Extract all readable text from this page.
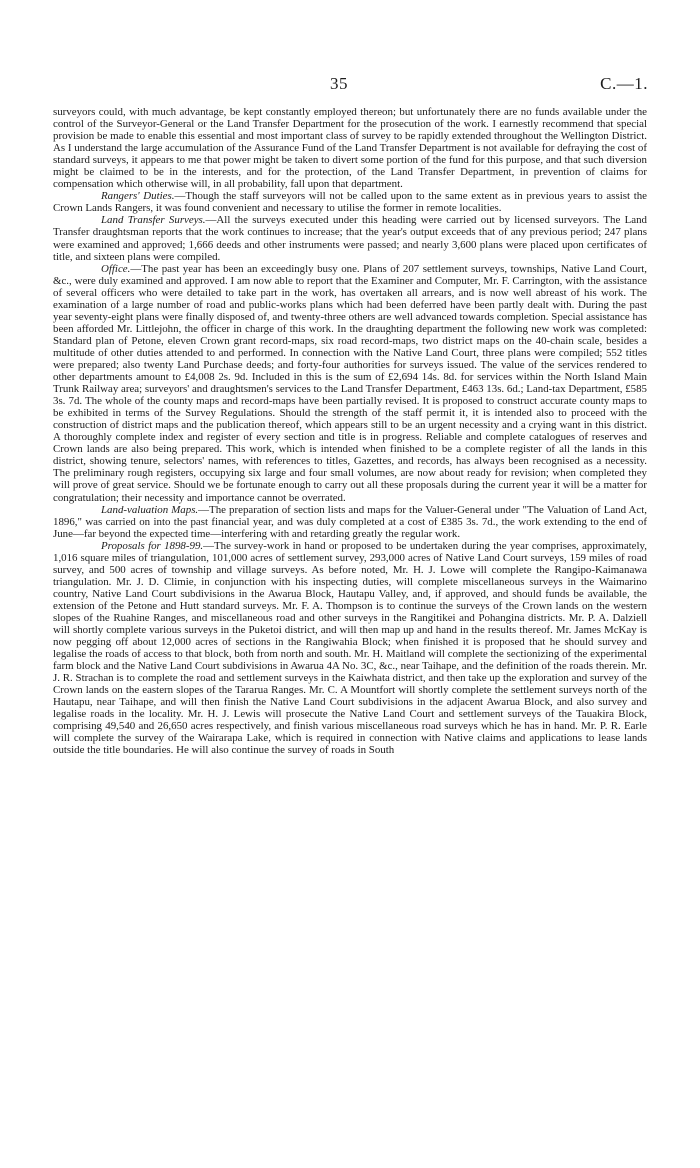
35	C.—1.

surveyors could, with much advantage, be kept constantly employed thereon; but unfortunately there are no funds available under the control of the Surveyor-General or the Land Transfer Department for the prosecution of the work. I earnestly recommend that special provision be made to enable this essential and most important class of survey to be rapidly extended throughout the Wellington District. As I understand the large accumulation of the Assurance Fund of the Land Transfer Department is not available for defraying the cost of standard surveys, it appears to me that power might be taken to divert some portion of the fund for this purpose, and that such diversion might be claimed to be in the interests, and for the protection, of the Land Transfer Department, in prevention of claims for compensation which otherwise will, in all probability, fall upon that department.

Rangers' Duties.—Though the staff surveyors will not be called upon to the same extent as in previous years to assist the Crown Lands Rangers, it was found convenient and necessary to utilise the former in remote localities.

Land Transfer Surveys.—All the surveys executed under this heading were carried out by licensed surveyors. The Land Transfer draughtsman reports that the work continues to increase; that the year's output exceeds that of any previous period; 247 plans were examined and approved; 1,666 deeds and other instruments were passed; and nearly 3,600 plans were placed upon certificates of title, and sixteen plans were compiled.

Office.—The past year has been an exceedingly busy one. Plans of 207 settlement surveys, townships, Native Land Court, &c., were duly examined and approved. I am now able to report that the Examiner and Computer, Mr. F. Carrington, with the assistance of several officers who were detailed to take part in the work, has overtaken all arrears, and is now well abreast of his work. The examination of a large number of road and public-works plans which had been deferred have been partly dealt with. During the past year seventy-eight plans were finally disposed of, and twenty-three others are well advanced towards completion. Special assistance has been afforded Mr. Littlejohn, the officer in charge of this work. In the draughting department the following new work was completed: Standard plan of Petone, eleven Crown grant record-maps, six road record-maps, two district maps on the 40-chain scale, besides a multitude of other duties attended to and performed. In connection with the Native Land Court, three plans were compiled; 552 titles were prepared; also twenty Land Purchase deeds; and forty-four authorities for surveys issued. The value of the services rendered to other departments amount to £4,008 2s. 9d. Included in this is the sum of £2,694 14s. 8d. for services within the North Island Main Trunk Railway area; surveyors' and draughtsmen's services to the Land Transfer Department, £463 13s. 6d.; Land-tax Department, £585 3s. 7d. The whole of the county maps and record-maps have been partially revised. It is proposed to construct accurate county maps to be exhibited in terms of the Survey Regulations. Should the strength of the staff permit it, it is intended also to proceed with the construction of district maps and the publication thereof, which appears still to be an urgent necessity and a crying want in this district. A thoroughly complete index and register of every section and title is in progress. Reliable and complete catalogues of reserves and Crown lands are also being prepared. This work, which is intended when finished to be a complete register of all the lands in this district, showing tenure, selectors' names, with references to titles, Gazettes, and records, has always been recognised as a necessity. The preliminary rough registers, occupying six large and four small volumes, are now about ready for revision; when completed they will prove of great service. Should we be fortunate enough to carry out all these proposals during the current year it will be a matter for congratulation; their necessity and importance cannot be overrated.

Land-valuation Maps.—The preparation of section lists and maps for the Valuer-General under "The Valuation of Land Act, 1896," was carried on into the past financial year, and was duly completed at a cost of £385 3s. 7d., the work extending to the end of June—far beyond the expected time—interfering with and retarding greatly the regular work.

Proposals for 1898-99.—The survey-work in hand or proposed to be undertaken during the year comprises, approximately, 1,016 square miles of triangulation, 101,000 acres of settlement survey, 293,000 acres of Native Land Court surveys, 159 miles of road survey, and 500 acres of township and village surveys. As before noted, Mr. H. J. Lowe will complete the Rangipo-Kaimanawa triangulation. Mr. J. D. Climie, in conjunction with his inspecting duties, will complete miscellaneous surveys in the Waimarino country, Native Land Court subdivisions in the Awarua Block, Hautapu Valley, and, if approved, and should funds be available, the extension of the Petone and Hutt standard surveys. Mr. F. A. Thompson is to continue the surveys of the Crown lands on the western slopes of the Ruahine Ranges, and miscellaneous road and other surveys in the Rangitikei and Pohangina districts. Mr. P. A. Dalziell will shortly complete various surveys in the Puketoi district, and will then map up and hand in the results thereof. Mr. James McKay is now pegging off about 12,000 acres of sections in the Rangiwahia Block; when finished it is proposed that he should survey and legalise the roads of access to that block, both from north and south. Mr. H. Maitland will complete the sectionizing of the experimental farm block and the Native Land Court subdivisions in Awarua 4A No. 3C, &c., near Taihape, and the definition of the roads therein. Mr. J. R. Strachan is to complete the road and settlement surveys in the Kaiwhata district, and then take up the exploration and survey of the Crown lands on the eastern slopes of the Tararua Ranges. Mr. C. A Mountfort will shortly complete the settlement surveys north of the Hautapu, near Taihape, and will then finish the Native Land Court subdivisions in the adjacent Awarua Block, and also survey and legalise roads in the locality. Mr. H. J. Lewis will prosecute the Native Land Court and settlement surveys of the Tauakira Block, comprising 49,540 and 26,650 acres respectively, and finish various miscellaneous road surveys which he has in hand. Mr. P. R. Earle will complete the survey of the Wairarapa Lake, which is required in connection with Native claims and applications to lease lands outside the title boundaries. He will also continue the survey of roads in South
